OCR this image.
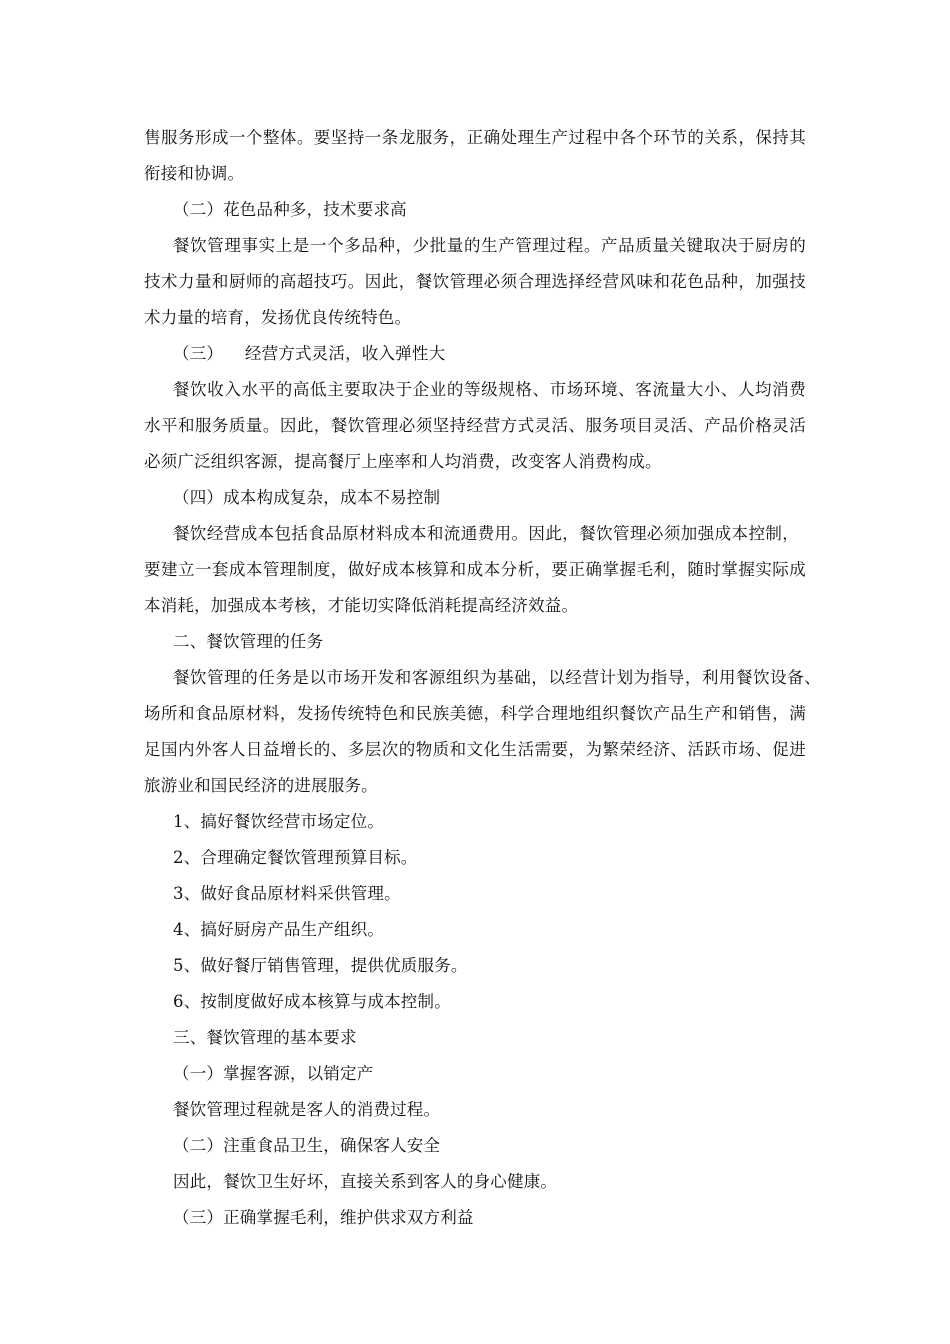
售服务形成一个整体。要坚持一条龙服务，正确处理生产过程中各个环节的关系，保持其
衔接和协调。
（二）花色品种多，技术要求高
餐饮管理事实上是一个多品种，少批量的生产管理过程。产品质量关键取决于厨房的
技术力量和厨师的高超技巧。因此，餐饮管理必须合理选择经营风味和花色品种，加强技
术力量的培育，发扬优良传统特色。
（三）    经营方式灵活，收入弹性大
餐饮收入水平的高低主要取决于企业的等级规格、市场环境、客流量大小、人均消费
水平和服务质量。因此，餐饮管理必须坚持经营方式灵活、服务项目灵活、产品价格灵活
必须广泛组织客源，提高餐厅上座率和人均消费，改变客人消费构成。
（四）成本构成复杂，成本不易控制
餐饮经营成本包括食品原材料成本和流通费用。因此，餐饮管理必须加强成本控制，
要建立一套成本管理制度，做好成本核算和成本分析，要正确掌握毛利，随时掌握实际成
本消耗，加强成本考核，才能切实降低消耗提高经济效益。
二、餐饮管理的任务
餐饮管理的任务是以市场开发和客源组织为基础，以经营计划为指导，利用餐饮设备、
场所和食品原材料，发扬传统特色和民族美德，科学合理地组织餐饮产品生产和销售，满
足国内外客人日益增长的、多层次的物质和文化生活需要，为繁荣经济、活跃市场、促进
旅游业和国民经济的进展服务。
1、搞好餐饮经营市场定位。
2、合理确定餐饮管理预算目标。
3、做好食品原材料采供管理。
4、搞好厨房产品生产组织。
5、做好餐厅销售管理，提供优质服务。
6、按制度做好成本核算与成本控制。
三、餐饮管理的基本要求
（一）掌握客源，以销定产
餐饮管理过程就是客人的消费过程。
（二）注重食品卫生，确保客人安全
因此，餐饮卫生好坏，直接关系到客人的身心健康。
（三）正确掌握毛利，维护供求双方利益
